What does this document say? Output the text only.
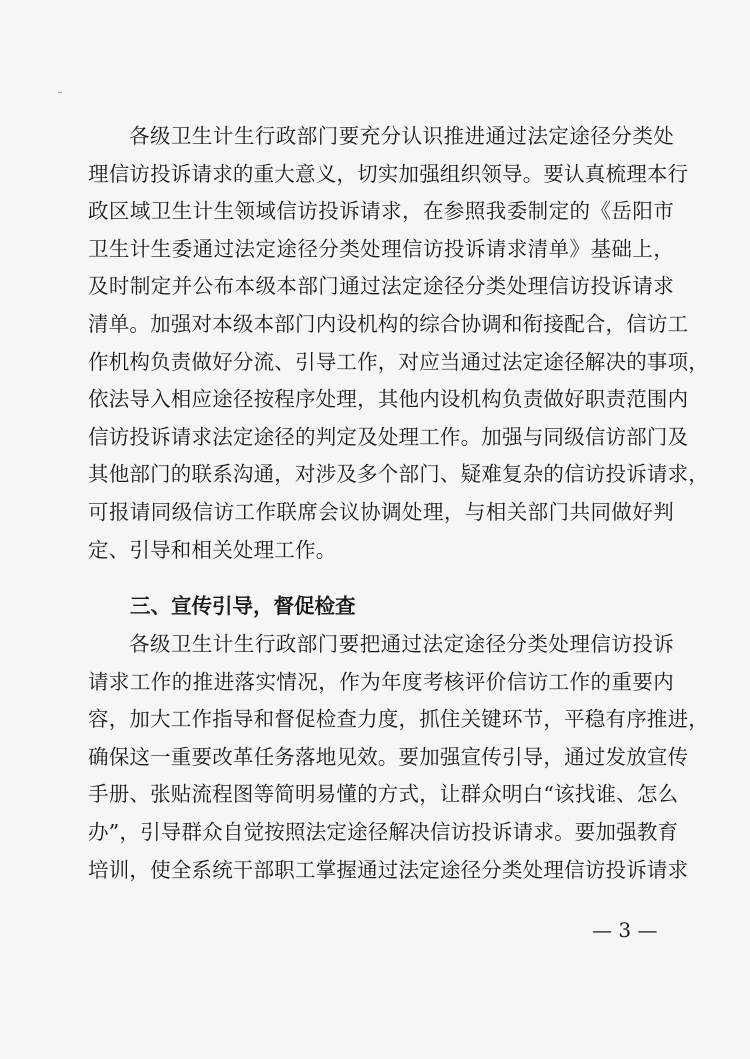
各级卫生计生行政部门要充分认识推进通过法定途径分类处
理信访投诉请求的重大意义，切实加强组织领导。要认真梳理本行
政区域卫生计生领域信访投诉请求，在参照我委制定的《岳阳市
卫生计生委通过法定途径分类处理信访投诉请求清单》基础上，
及时制定并公布本级本部门通过法定途径分类处理信访投诉请求
清单。加强对本级本部门内设机构的综合协调和衔接配合，信访工
作机构负责做好分流、引导工作，对应当通过法定途径解决的事项，
依法导入相应途径按程序处理，其他内设机构负责做好职责范围内
信访投诉请求法定途径的判定及处理工作。加强与同级信访部门及
其他部门的联系沟通，对涉及多个部门、疑难复杂的信访投诉请求，
可报请同级信访工作联席会议协调处理，与相关部门共同做好判
定、引导和相关处理工作。
三、宣传引导，督促检查
各级卫生计生行政部门要把通过法定途径分类处理信访投诉
请求工作的推进落实情况，作为年度考核评价信访工作的重要内
容，加大工作指导和督促检查力度，抓住关键环节，平稳有序推进，
确保这一重要改革任务落地见效。要加强宣传引导，通过发放宣传
手册、张贴流程图等简明易懂的方式，让群众明白“该找谁、怎么
办”，引导群众自觉按照法定途径解决信访投诉请求。要加强教育
培训，使全系统干部职工掌握通过法定途径分类处理信访投诉请求
— 3 —
